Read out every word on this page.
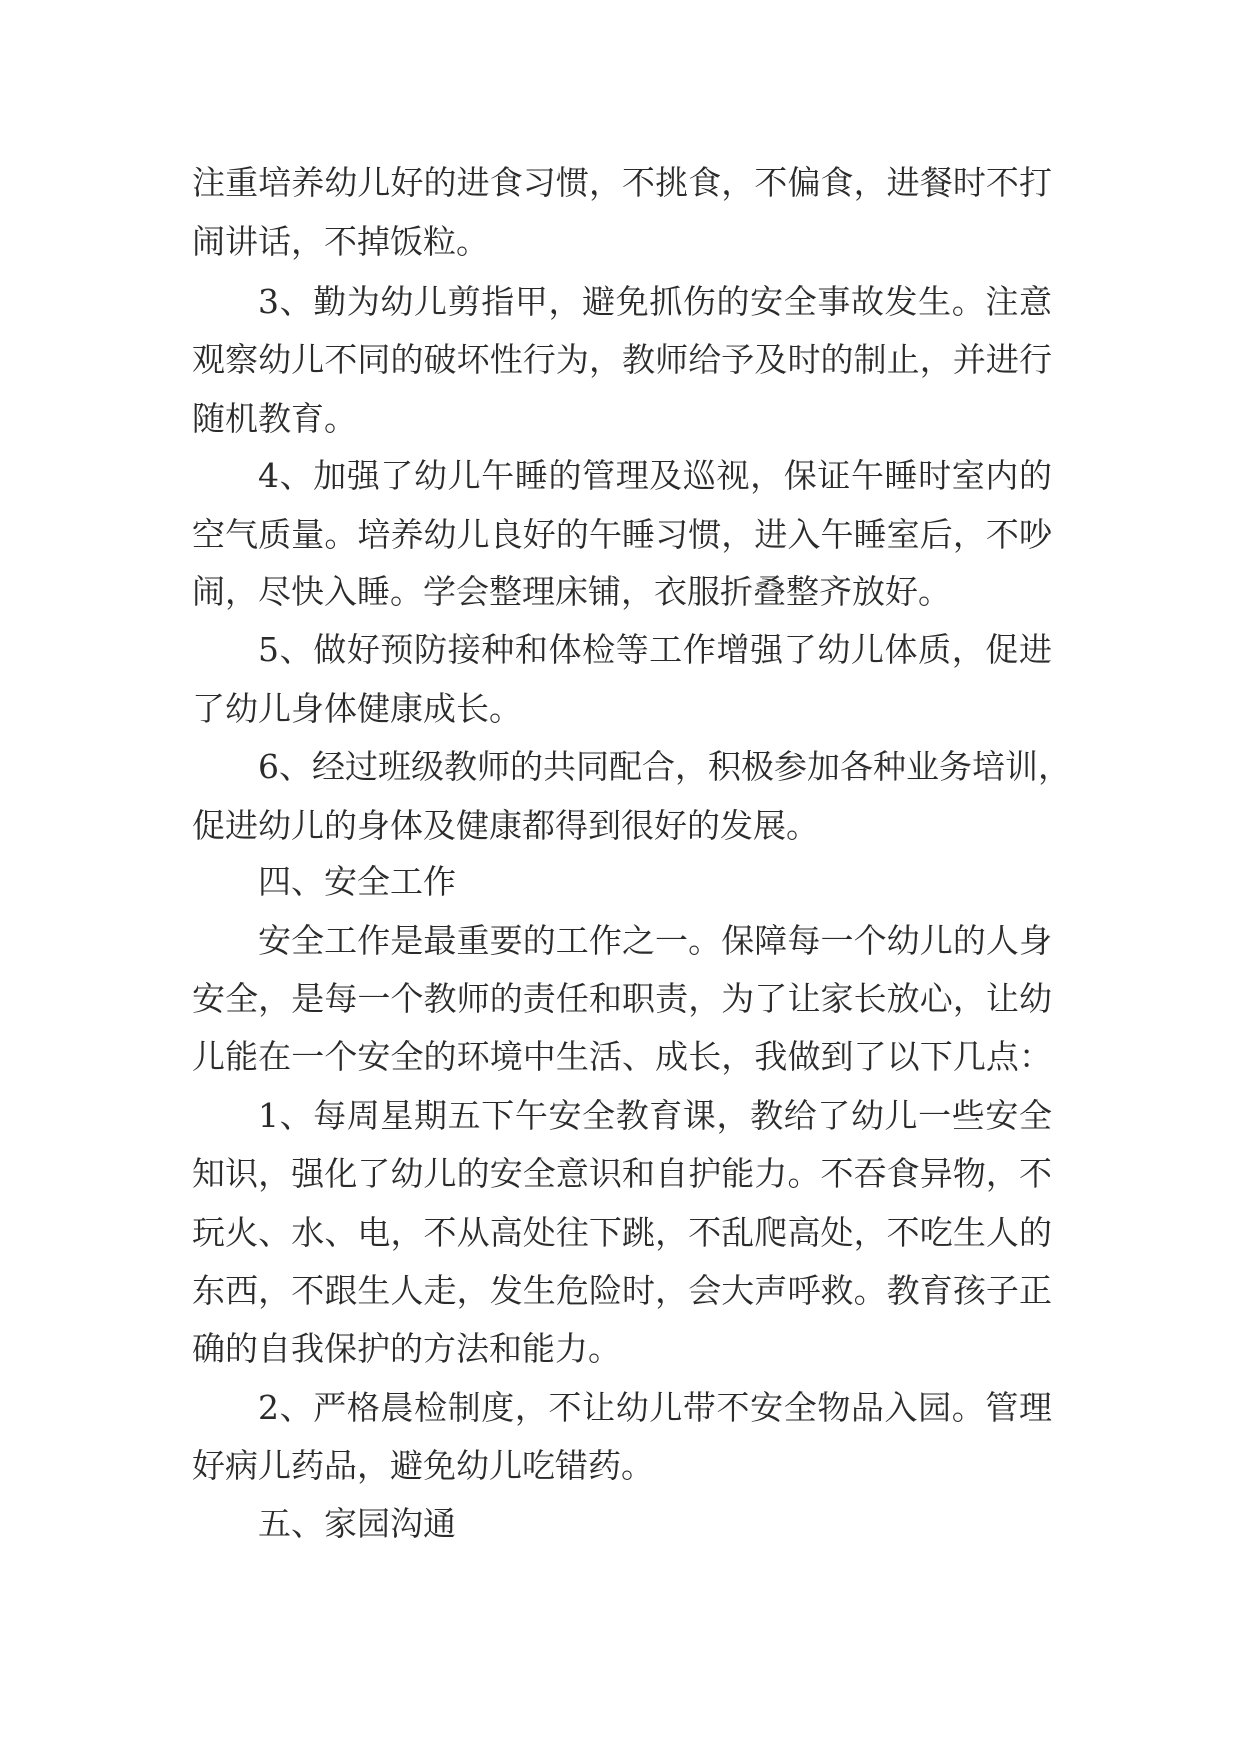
注重培养幼儿好的进食习惯，不挑食，不偏食，进餐时不打
闹讲话，不掉饭粒。
3、勤为幼儿剪指甲，避免抓伤的安全事故发生。注意
观察幼儿不同的破坏性行为，教师给予及时的制止，并进行
随机教育。
4、加强了幼儿午睡的管理及巡视，保证午睡时室内的
空气质量。培养幼儿良好的午睡习惯，进入午睡室后，不吵
闹，尽快入睡。学会整理床铺，衣服折叠整齐放好。
5、做好预防接种和体检等工作增强了幼儿体质，促进
了幼儿身体健康成长。
6、经过班级教师的共同配合，积极参加各种业务培训，
促进幼儿的身体及健康都得到很好的发展。
四、安全工作
安全工作是最重要的工作之一。保障每一个幼儿的人身
安全，是每一个教师的责任和职责，为了让家长放心，让幼
儿能在一个安全的环境中生活、成长，我做到了以下几点：
1、每周星期五下午安全教育课，教给了幼儿一些安全
知识，强化了幼儿的安全意识和自护能力。不吞食异物，不
玩火、水、电，不从高处往下跳，不乱爬高处，不吃生人的
东西，不跟生人走，发生危险时，会大声呼救。教育孩子正
确的自我保护的方法和能力。
2、严格晨检制度，不让幼儿带不安全物品入园。管理
好病儿药品，避免幼儿吃错药。
五、家园沟通
